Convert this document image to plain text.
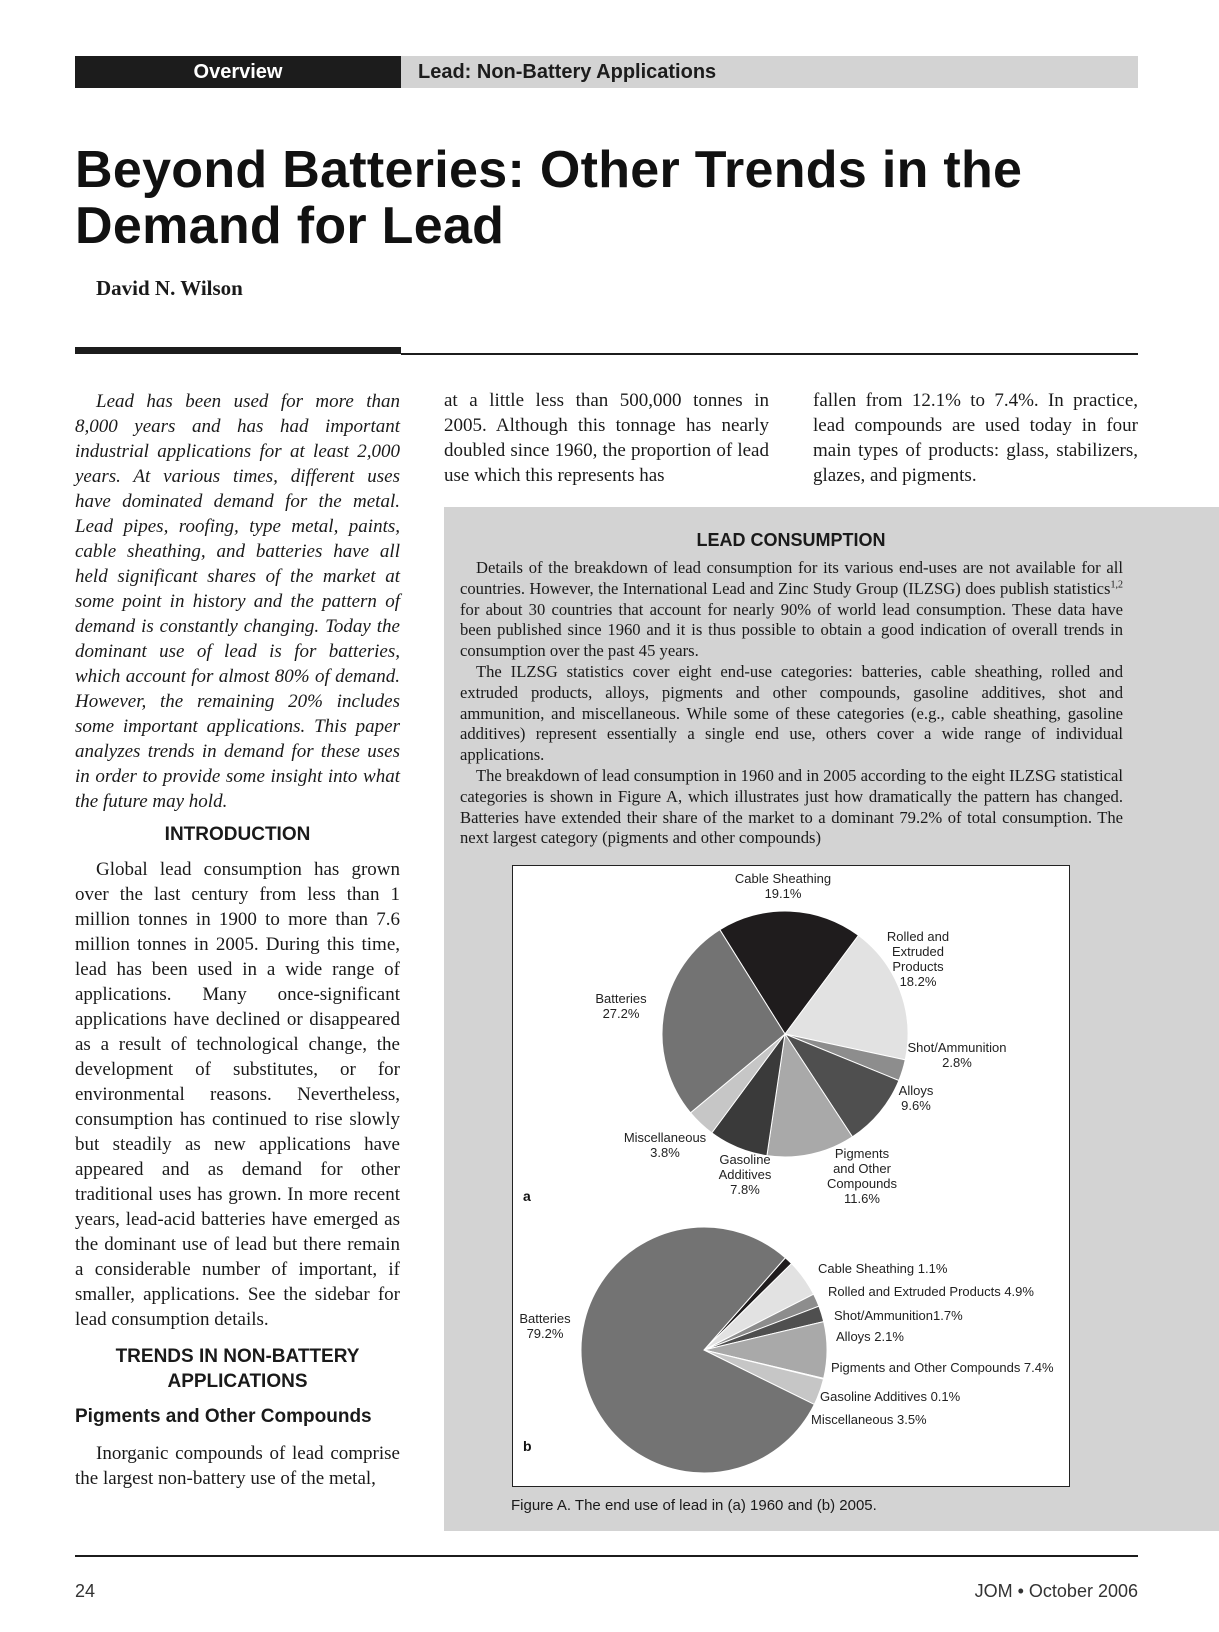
Overview	Lead: Non-Battery Applications
Beyond Batteries: Other Trends in the Demand for Lead
David N. Wilson

Lead has been used for more than 8,000 years and has had important industrial applications for at least 2,000 years. At various times, different uses have dominated demand for the metal. Lead pipes, roofing, type metal, paints, cable sheathing, and batteries have all held significant shares of the market at some point in history and the pattern of demand is constantly changing. Today the dominant use of lead is for batteries, which account for almost 80% of demand. However, the remaining 20% includes some important applications. This paper analyzes trends in demand for these uses in order to provide some insight into what the future may hold.

INTRODUCTION

Global lead consumption has grown over the last century from less than 1 million tonnes in 1900 to more than 7.6 million tonnes in 2005. During this time, lead has been used in a wide range of applications. Many once-significant applications have declined or disappeared as a result of technological change, the development of substitutes, or for environmental reasons. Nevertheless, consumption has continued to rise slowly but steadily as new applications have appeared and as demand for other traditional uses has grown. In more recent years, lead-acid batteries have emerged as the dominant use of lead but there remain a considerable number of important, if smaller, applications. See the sidebar for lead consumption details.

TRENDS IN NON-BATTERY APPLICATIONS
Pigments and Other Compounds

Inorganic compounds of lead comprise the largest non-battery use of the metal,

at a little less than 500,000 tonnes in 2005. Although this tonnage has nearly doubled since 1960, the proportion of lead use which this represents has

fallen from 12.1% to 7.4%. In practice, lead compounds are used today in four main types of products: glass, stabilizers, glazes, and pigments.

LEAD CONSUMPTION

Details of the breakdown of lead consumption for its various end-uses are not available for all countries. However, the International Lead and Zinc Study Group (ILZSG) does publish statistics$^{1,2}$ for about 30 countries that account for nearly 90% of world lead consumption. These data have been published since 1960 and it is thus possible to obtain a good indication of overall trends in consumption over the past 45 years.

The ILZSG statistics cover eight end-use categories: batteries, cable sheathing, rolled and extruded products, alloys, pigments and other compounds, gasoline additives, shot and ammunition, and miscellaneous. While some of these categories (e.g., cable sheathing, gasoline additives) represent essentially a single end use, others cover a wide range of individual applications.

The breakdown of lead consumption in 1960 and in 2005 according to the eight ILZSG statistical categories is shown in Figure A, which illustrates just how dramatically the pattern has changed. Batteries have extended their share of the market to a dominant 79.2% of total consumption. The next largest category (pigments and other compounds)

Cable Sheathing 19.1%
Rolled and Extruded Products 18.2%
Shot/Ammunition 2.8%
Alloys 9.6%
Pigments and Other Compounds 11.6%
Gasoline Additives 7.8%
Miscellaneous 3.8%
Batteries 27.2%
a
Cable Sheathing 1.1%
Rolled and Extruded Products 4.9%
Shot/Ammunition1.7%
Alloys 2.1%
Pigments and Other Compounds 7.4%
Gasoline Additives 0.1%
Miscellaneous 3.5%
Batteries 79.2%
b
Figure A. The end use of lead in (a) 1960 and (b) 2005.
24	JOM • October 2006
